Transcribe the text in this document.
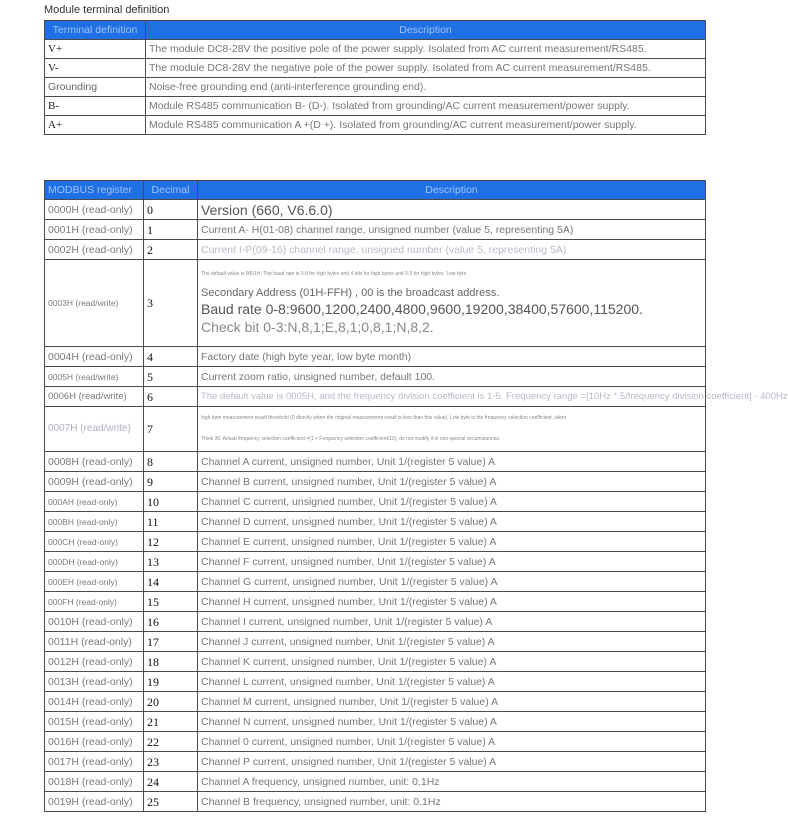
Module terminal definition
Terminal definition	Description
V+	The module DC8-28V the positive pole of the power supply. Isolated from AC current measurement/RS485.
V-	The module DC8-28V the negative pole of the power supply. Isolated from AC current measurement/RS485.
Grounding	Noise-free grounding end (anti-interference grounding end).
B-	Module RS485 communication B- (D-). Isolated from grounding/AC current measurement/power supply.
A+	Module RS485 communication A +(D +). Isolated from grounding/AC current measurement/power supply.
MODBUS register	Decimal	Description
0000H (read-only)	0	Version (660, V6.6.0)
0001H (read-only)	1	Current A- H(01-08) channel range, unsigned number (value 5, representing 5A)
0002H (read-only)	2	Current I-P(09-16) channel range, unsigned number (value 5, representing 5A)
0003H (read/write)	3	The default value is 0001H. The baud rate is 0-8 for high bytes and 4 bits for high bytes and 0-3 for high bytes. Low byte
Secondary Address (01H-FFH) , 00 is the broadcast address.
Baud rate 0-8:9600,1200,2400,4800,9600,19200,38400,57600,115200.
Check bit 0-3:N,8,1;E,8,1;0,8,1;N,8,2.

0004H (read-only)	4	Factory date (high byte year, low byte month)
0005H (read/write)	5	Current zoom ratio, unsigned number, default 100.
0006H (read/write)	6	The default value is 0005H, and the frequency division coefficient is 1-5. Frequency range =[10Hz * 5/frequency division coefficient] - 400Hz
0007H (read/write)	7	high byte measurement result threshold (0 directly when the original measurement result is less than this value). Low byte is the frequency selection coefficient, silent
Think 30. Actual frequency selection coefficient =(1 + Frequency selection coefficient/10), do not modify it in non-special circumstances.

0008H (read-only)	8	Channel A current, unsigned number, Unit 1/(register 5 value) A
0009H (read-only)	9	Channel B current, unsigned number, Unit 1/(register 5 value) A
000AH (read-only)	10	Channel C current, unsigned number, Unit 1/(register 5 value) A
000BH (read-only)	11	Channel D current, unsigned number, Unit 1/(register 5 value) A
000CH (read-only)	12	Channel E current, unsigned number, Unit 1/(register 5 value) A
000DH (read-only)	13	Channel F current, unsigned number, Unit 1/(register 5 value) A
000EH (read-only)	14	Channel G current, unsigned number, Unit 1/(register 5 value) A
000FH (read-only)	15	Channel H current, unsigned number, Unit 1/(register 5 value) A
0010H (read-only)	16	Channel I current, unsigned number, Unit 1/(register 5 value) A
0011H (read-only)	17	Channel J current, unsigned number, Unit 1/(register 5 value) A
0012H (read-only)	18	Channel K current, unsigned number, Unit 1/(register 5 value) A
0013H (read-only)	19	Channel L current, unsigned number, Unit 1/(register 5 value) A
0014H (read-only)	20	Channel M current, unsigned number, Unit 1/(register 5 value) A
0015H (read-only)	21	Channel N current, unsigned number, Unit 1/(register 5 value) A
0016H (read-only)	22	Channel 0 current, unsigned number, Unit 1/(register 5 value) A
0017H (read-only)	23	Channel P current, unsigned number, Unit 1/(register 5 value) A
0018H (read-only)	24	Channel A frequency, unsigned number, unit: 0.1Hz
0019H (read-only)	25	Channel B frequency, unsigned number, unit: 0.1Hz
